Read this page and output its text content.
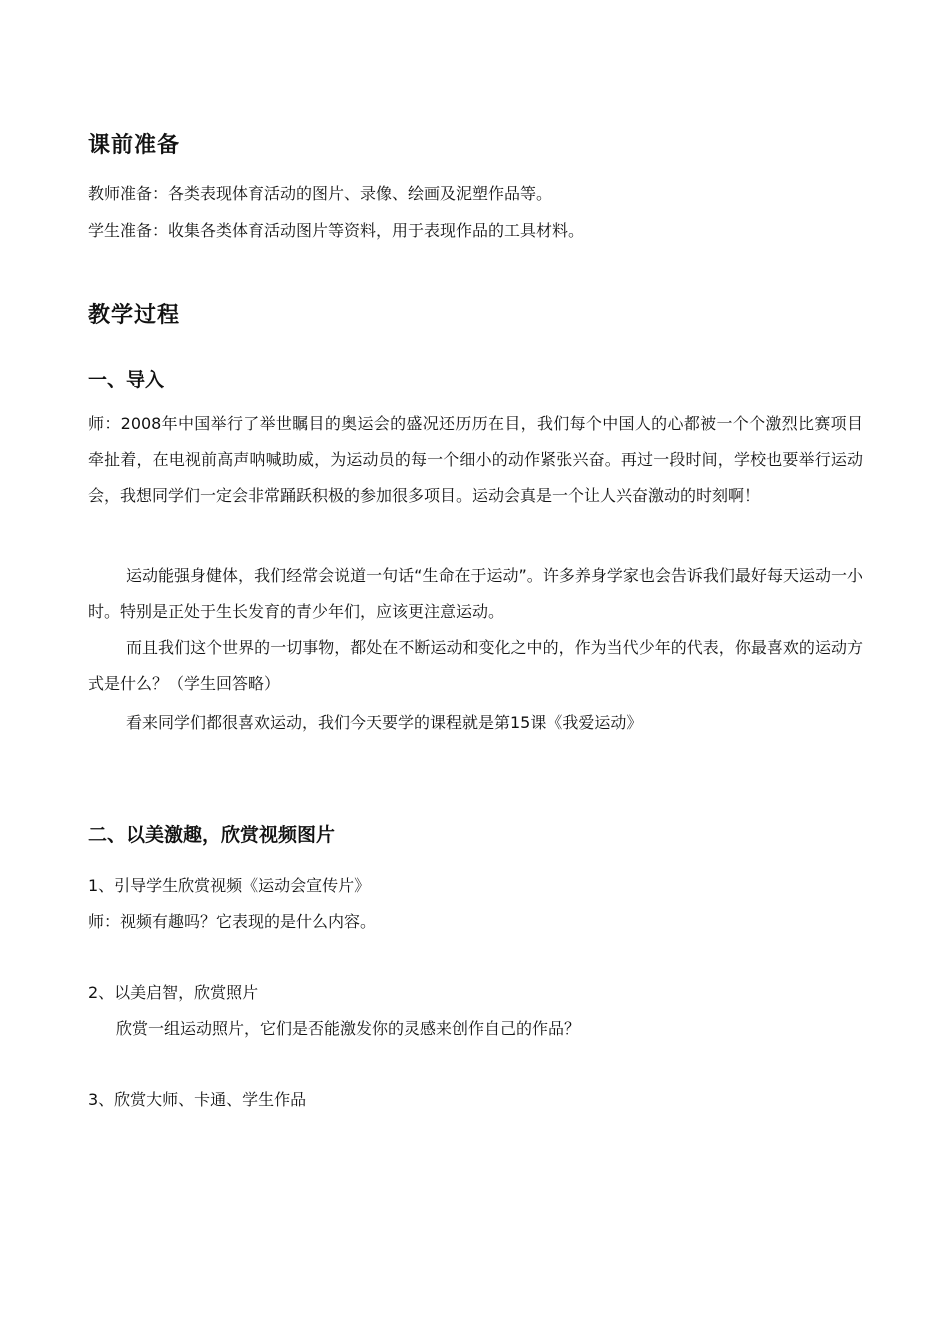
课前准备
教师准备：各类表现体育活动的图片、录像、绘画及泥塑作品等。
学生准备：收集各类体育活动图片等资料，用于表现作品的工具材料。
教学过程
一、导入

师：2008年中国举行了举世瞩目的奥运会的盛况还历历在目，我们每个中国人的心都被一个个激烈比赛项目牵扯着，在电视前高声呐喊助威，为运动员的每一个细小的动作紧张兴奋。再过一段时间，学校也要举行运动会，我想同学们一定会非常踊跃积极的参加很多项目。运动会真是一个让人兴奋激动的时刻啊！

运动能强身健体，我们经常会说道一句话“生命在于运动”。许多养身学家也会告诉我们最好每天运动一小时。特别是正处于生长发育的青少年们，应该更注意运动。

而且我们这个世界的一切事物，都处在不断运动和变化之中的，作为当代少年的代表，你最喜欢的运动方式是什么？（学生回答略）

看来同学们都很喜欢运动，我们今天要学的课程就是第15课《我爱运动》
二、以美激趣，欣赏视频图片
1、引导学生欣赏视频《运动会宣传片》
师：视频有趣吗？它表现的是什么内容。
2、以美启智，欣赏照片
欣赏一组运动照片，它们是否能激发你的灵感来创作自己的作品？
3、欣赏大师、卡通、学生作品
